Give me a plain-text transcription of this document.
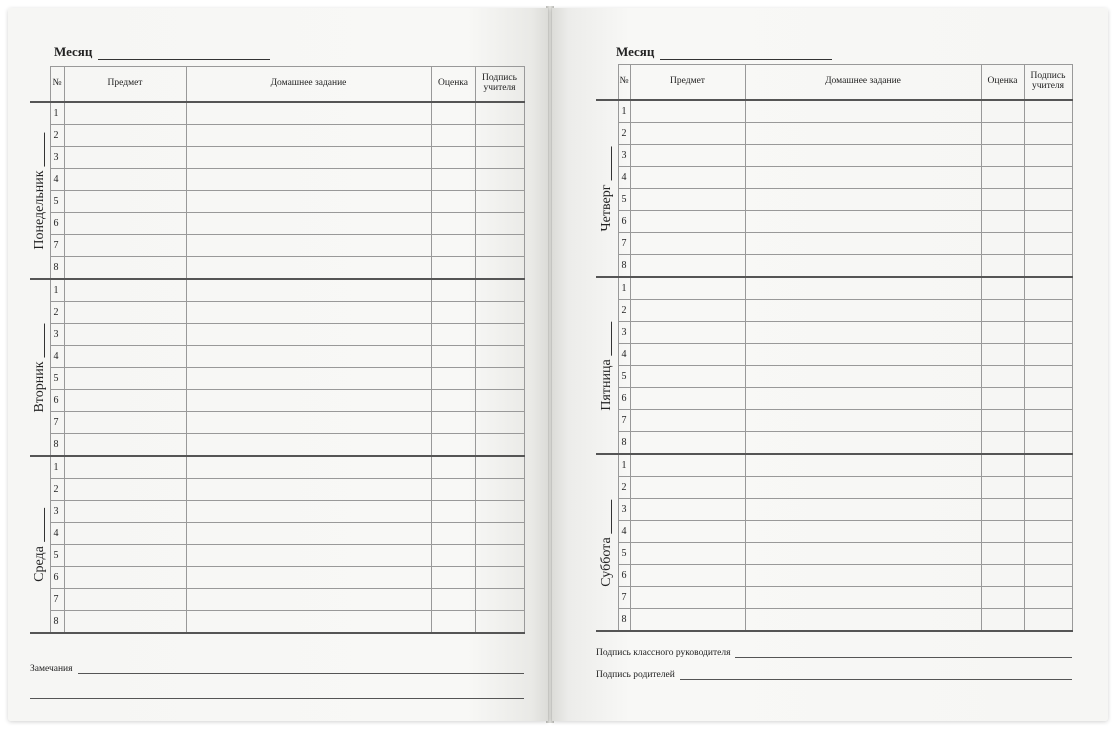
Месяц
	№	Предмет	Домашнее задание	Оценка	Подпись учителя

Понедельник	1				
	2				
	3				
	4				
	5				
	6				
	7				
	8				

Вторник	1				
	2				
	3				
	4				
	5				
	6				
	7				
	8				

Среда	1				
	2				
	3				
	4				
	5				
	6				
	7				
	8				
Замечания
Месяц
	№	Предмет	Домашнее задание	Оценка	Подпись учителя

Четверг	1				
	2				
	3				
	4				
	5				
	6				
	7				
	8				

Пятница	1				
	2				
	3				
	4				
	5				
	6				
	7				
	8				

Суббота	1				
	2				
	3				
	4				
	5				
	6				
	7				
	8				
Подпись классного руководителя
Подпись родителей
